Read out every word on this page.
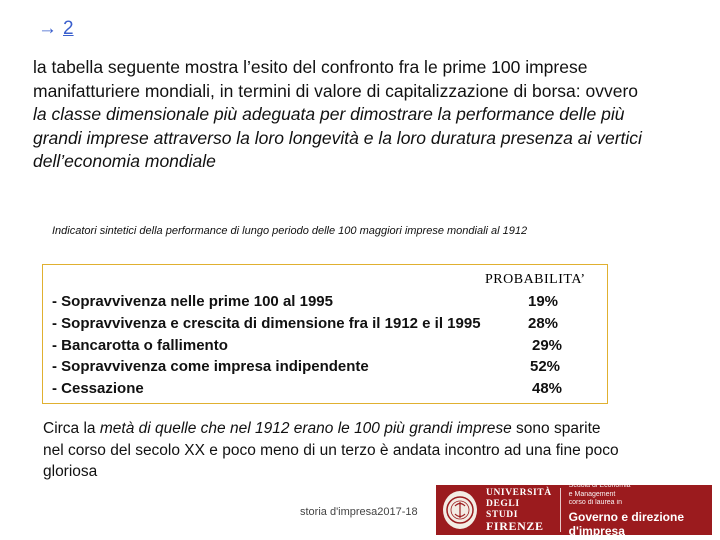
→ 2
la tabella seguente mostra l’esito del confronto fra le prime 100 imprese manifatturiere mondiali, in termini di valore di capitalizzazione di borsa: ovvero la classe dimensionale più adeguata per dimostrare la performance delle più grandi imprese attraverso la loro longevità e la loro duratura presenza ai vertici dell’economia mondiale
Indicatori sintetici della performance di lungo periodo delle 100 maggiori imprese mondiali al 1912
PROBABILITA’
- Sopravvivenza nelle prime 100 al 1995	19%
- Sopravvivenza e crescita di dimensione fra il 1912 e il 1995	28%
- Bancarotta o fallimento	29%
- Sopravvivenza come impresa indipendente	52%
- Cessazione	48%
Circa la metà di quelle che nel 1912 erano le 100 più grandi imprese sono sparite nel corso del secolo XX e poco meno di un terzo è andata incontro ad una fine poco gloriosa
storia d'impresa2017-18
UNIVERSITÀ
DEGLI STUDI
FIRENZE
Scuola di Economia
e Management
corso di laurea in
Governo e direzione d'impresa
